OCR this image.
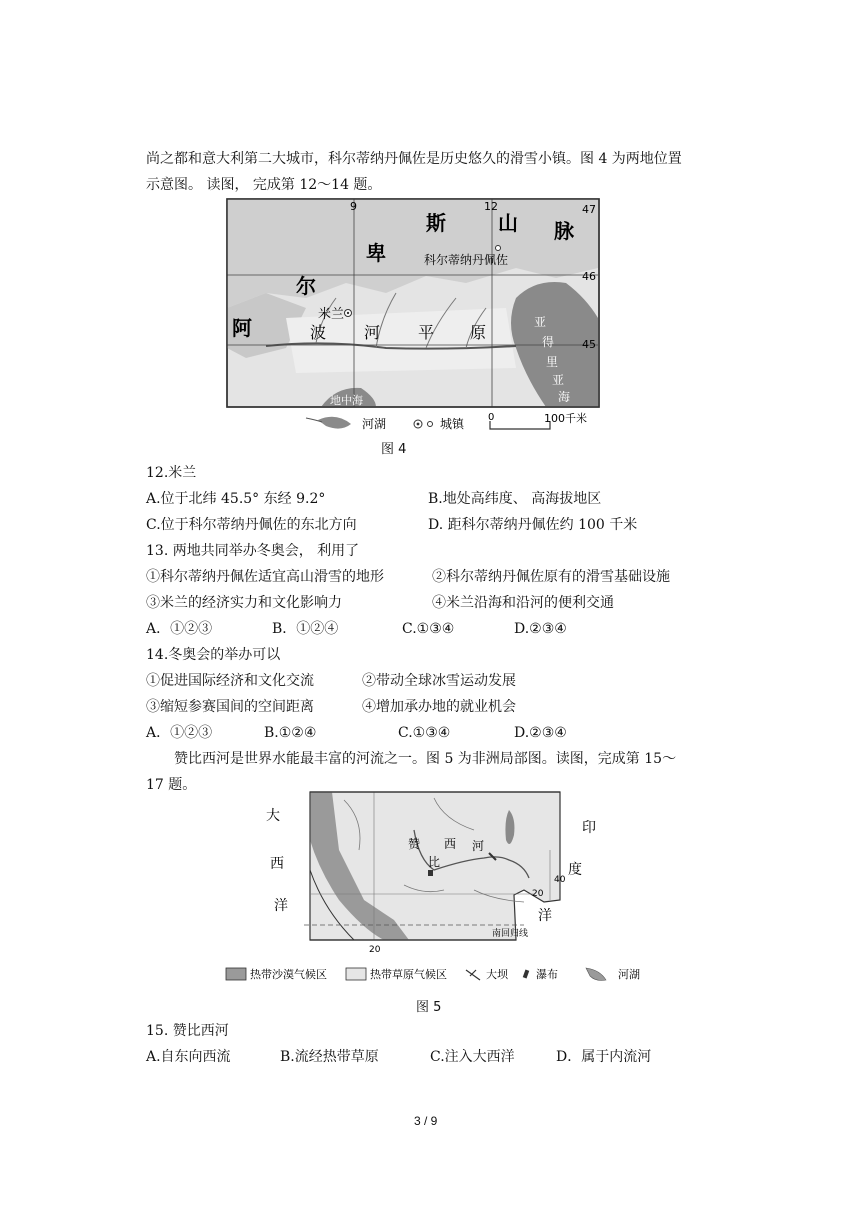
尚之都和意大利第二大城市，科尔蒂纳丹佩佐是历史悠久的滑雪小镇。图 4 为两地位置
示意图。 读图， 完成第 12～14 题。
9	12	47
46
45
阿
尔
卑
斯	山 脉
科尔蒂纳丹佩佐
米兰
波 河 平 原
亚
得
里
亚
海
地中海
河湖	城镇 0	100千米
图 4
12.米兰
A.位于北纬 45.5° 东经 9.2°	B.地处高纬度、 高海拔地区
C.位于科尔蒂纳丹佩佐的东北方向	D. 距科尔蒂纳丹佩佐约 100 千米
13. 两地共同举办冬奥会， 利用了
①科尔蒂纳丹佩佐适宜高山滑雪的地形	②科尔蒂纳丹佩佐原有的滑雪基础设施
③米兰的经济实力和文化影响力	④米兰沿海和沿河的便利交通
A．①②③	B．①②④	C.①③④	D.②③④
14.冬奥会的举办可以
①促进国际经济和文化交流	②带动全球冰雪运动发展
③缩短参赛国间的空间距离	④增加承办地的就业机会
A．①②③	B.①②④	C.①③④	D.②③④
赞比西河是世界水能最丰富的河流之一。图 5 为非洲局部图。读图，完成第 15～
17 题。
大
西
洋
印
度
洋
赞
比
西 河
20
20
40
南回归线
热带沙漠气候区	热带草原气候区	大坝	瀑布	河湖
图 5
15. 赞比西河
A.自东向西流	B.流经热带草原	C.注入大西洋	D．属于内流河
3 / 9
